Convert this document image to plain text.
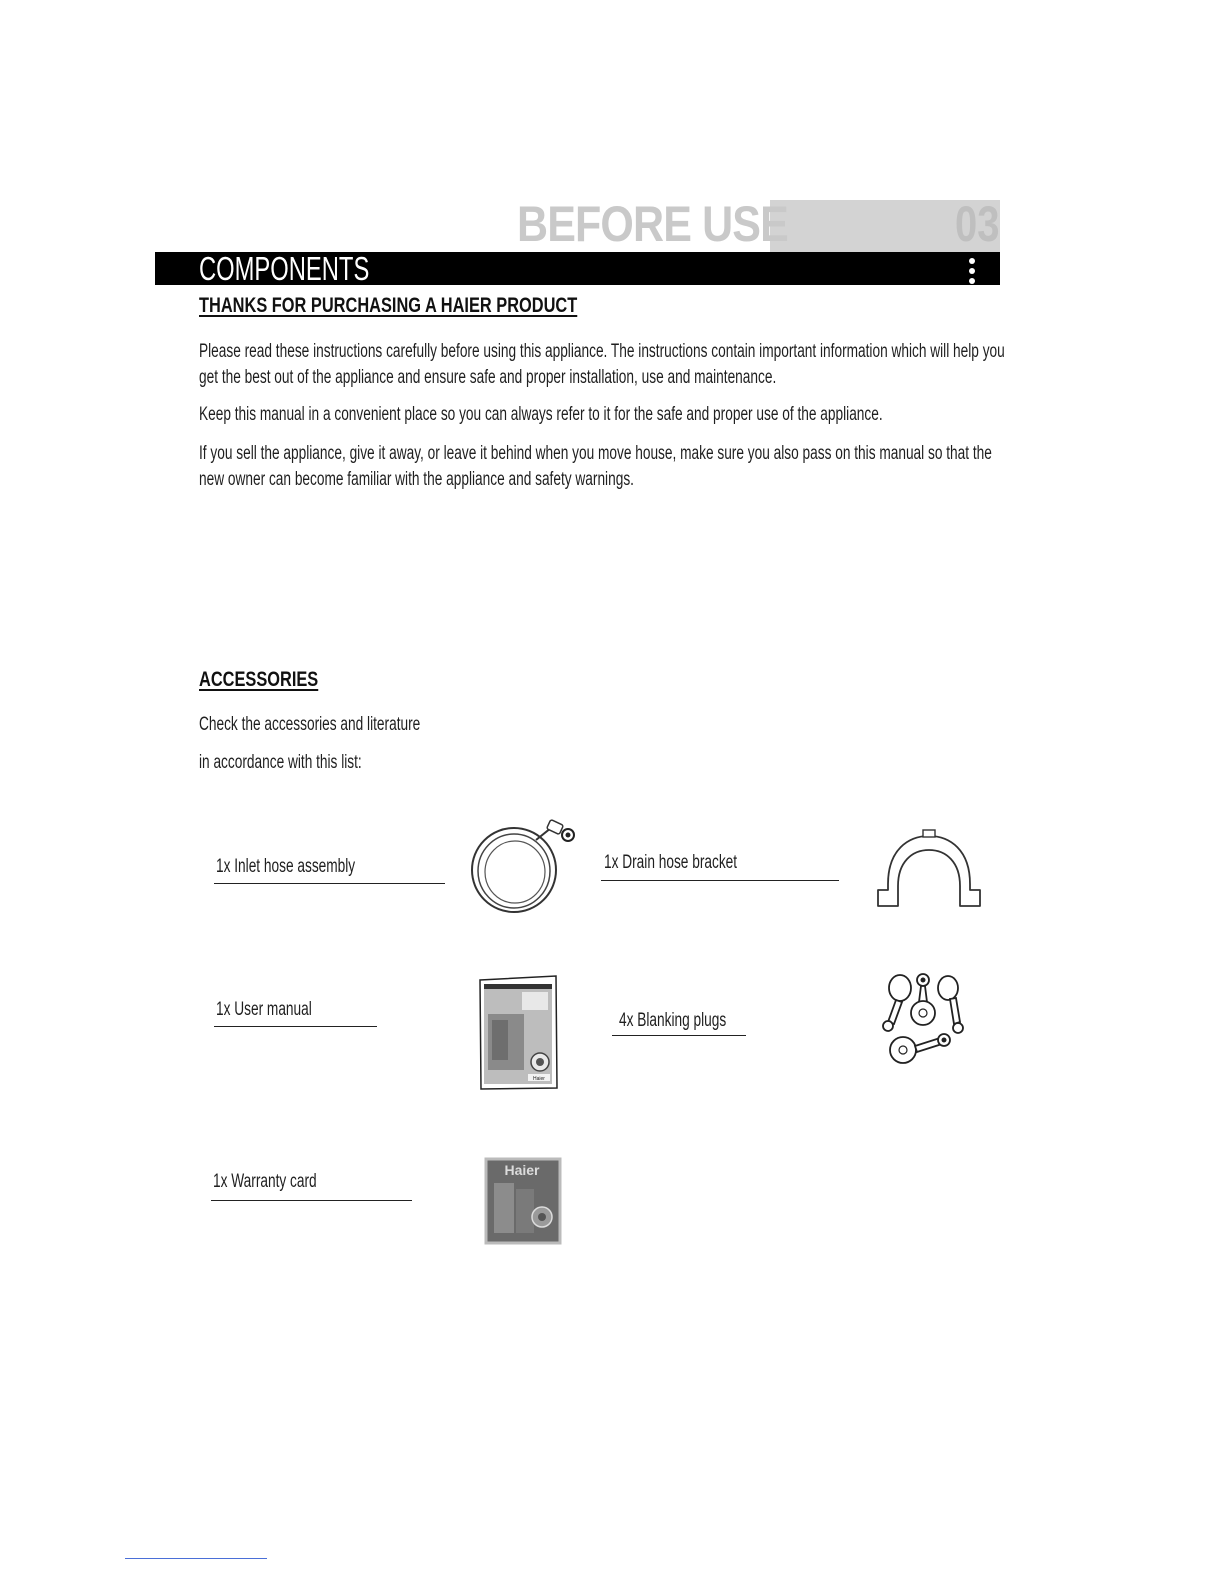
BEFORE USE	03
COMPONENTS
THANKS FOR PURCHASING A HAIER PRODUCT
Please read these instructions carefully before using this appliance. The instructions contain important information which will help you
get the best out of the appliance and ensure safe and proper installation, use and maintenance.
Keep this manual in a convenient place so you can always refer to it for the safe and proper use of the appliance.
If you sell the appliance, give it away, or leave it behind when you move house, make sure you also pass on this manual so that the
new owner can become familiar with the appliance and safety warnings.
ACCESSORIES
Check the accessories and literature
in accordance with this list:
1x Inlet hose assembly	1x Drain hose bracket
1x User manual
Haier
4x Blanking plugs
1x Warranty card
Haier
